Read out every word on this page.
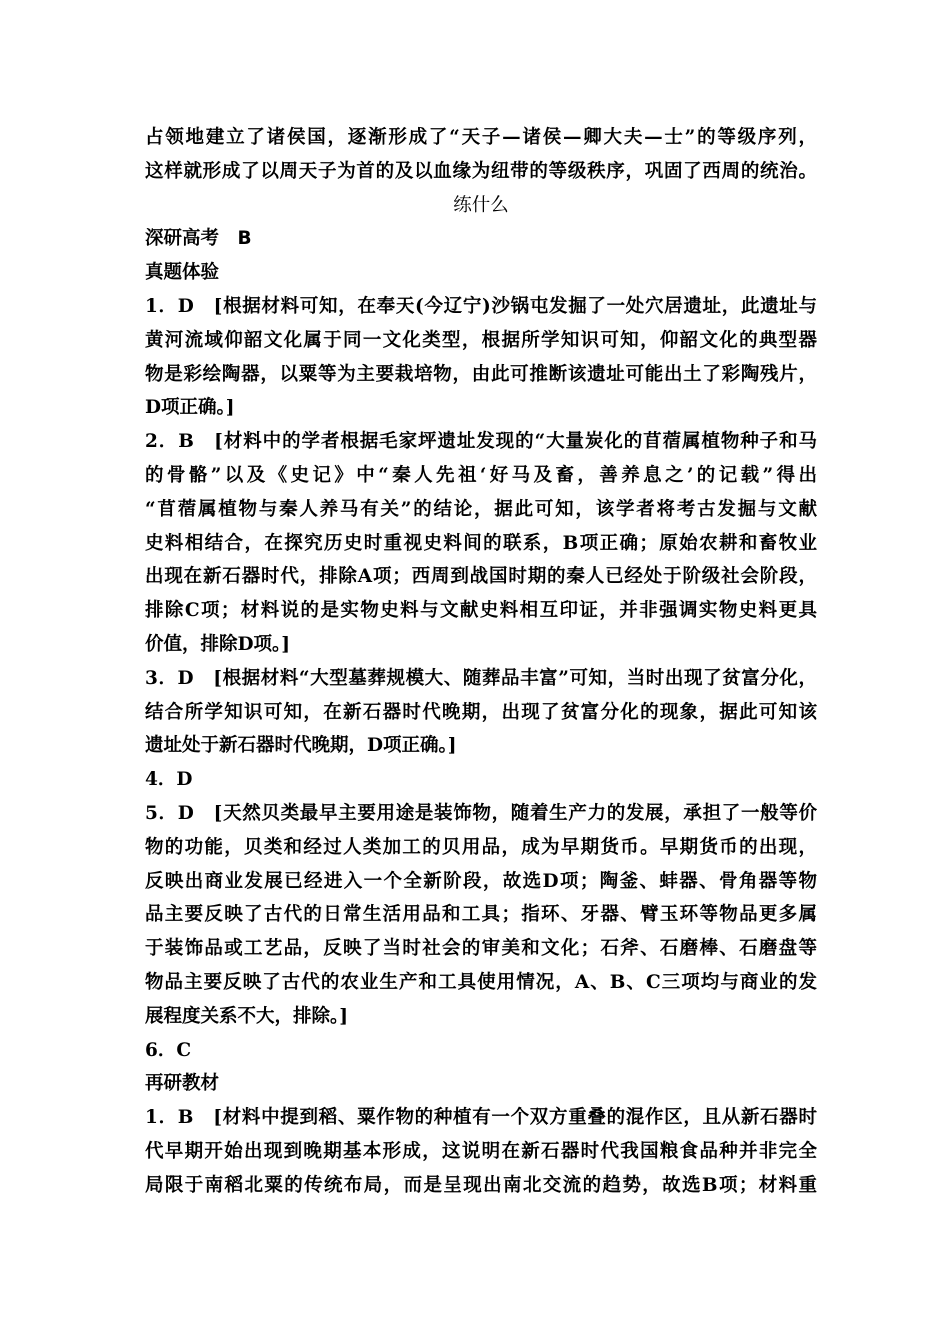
占领地建立了诸侯国，逐渐形成了“天子—诸侯—卿大夫—士”的等级序列，
这样就形成了以周天子为首的及以血缘为纽带的等级秩序，巩固了西周的统治。
练什么
深研高考　B
真题体验
1．D　[根据材料可知，在奉天(今辽宁)沙锅屯发掘了一处穴居遗址，此遗址与
黄河流域仰韶文化属于同一文化类型，根据所学知识可知，仰韶文化的典型器
物是彩绘陶器，以粟等为主要栽培物，由此可推断该遗址可能出土了彩陶残片，
D项正确。]
2．B　[材料中的学者根据毛家坪遗址发现的“大量炭化的苜蓿属植物种子和马
的骨骼”以及《史记》中“秦人先祖‘好马及畜，善养息之’的记载”得出
“苜蓿属植物与秦人养马有关”的结论，据此可知，该学者将考古发掘与文献
史料相结合，在探究历史时重视史料间的联系，B项正确；原始农耕和畜牧业
出现在新石器时代，排除A项；西周到战国时期的秦人已经处于阶级社会阶段，
排除C项；材料说的是实物史料与文献史料相互印证，并非强调实物史料更具
价值，排除D项。]
3．D　[根据材料“大型墓葬规模大、随葬品丰富”可知，当时出现了贫富分化，
结合所学知识可知，在新石器时代晚期，出现了贫富分化的现象，据此可知该
遗址处于新石器时代晚期，D项正确。]
4．D
5．D　[天然贝类最早主要用途是装饰物，随着生产力的发展，承担了一般等价
物的功能，贝类和经过人类加工的贝用品，成为早期货币。早期货币的出现，
反映出商业发展已经进入一个全新阶段，故选D项；陶釜、蚌器、骨角器等物
品主要反映了古代的日常生活用品和工具；指环、牙器、臂玉环等物品更多属
于装饰品或工艺品，反映了当时社会的审美和文化；石斧、石磨棒、石磨盘等
物品主要反映了古代的农业生产和工具使用情况，A、B、C三项均与商业的发
展程度关系不大，排除。]
6．C
再研教材
1．B　[材料中提到稻、粟作物的种植有一个双方重叠的混作区，且从新石器时
代早期开始出现到晚期基本形成，这说明在新石器时代我国粮食品种并非完全
局限于南稻北粟的传统布局，而是呈现出南北交流的趋势，故选B项；材料重
